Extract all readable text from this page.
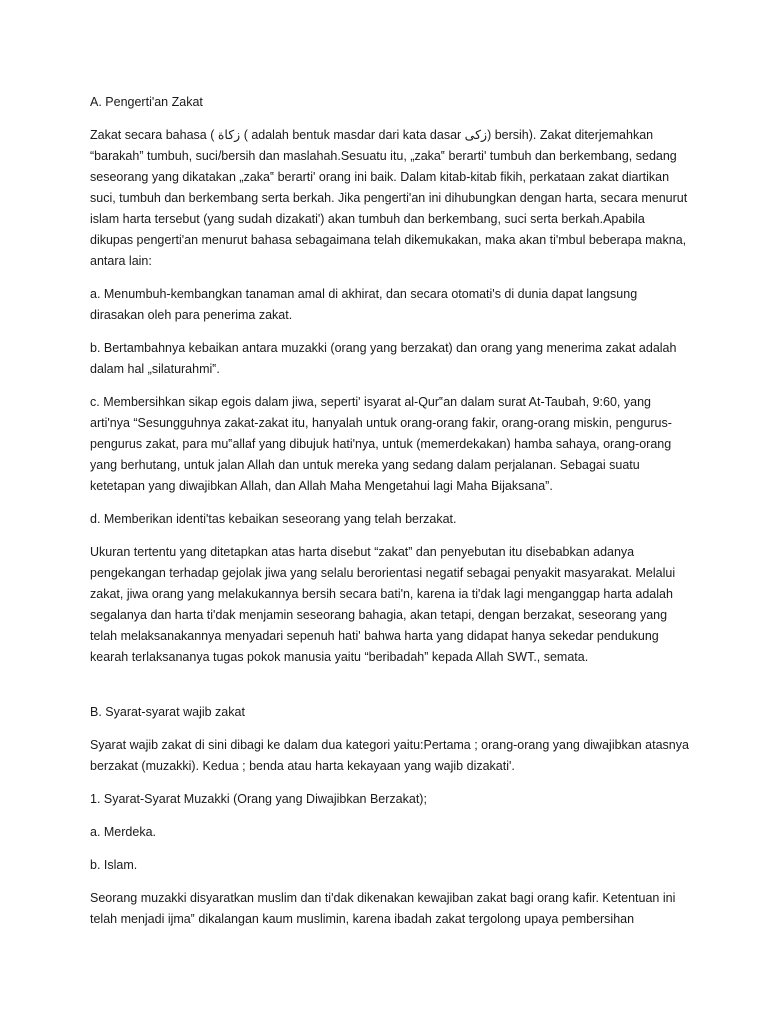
A. Pengerti'an Zakat

Zakat secara bahasa ( زكاة ( adalah bentuk masdar dari kata dasar زكى) bersih). Zakat diterjemahkan “barakah” tumbuh, suci/bersih dan maslahah.Sesuatu itu, „zaka‟ berarti' tumbuh dan berkembang, sedang seseorang yang dikatakan „zaka‟ berarti' orang ini baik. Dalam kitab-kitab fikih, perkataan zakat diartikan suci, tumbuh dan berkembang serta berkah. Jika pengerti'an ini dihubungkan dengan harta, secara menurut islam harta tersebut (yang sudah dizakati') akan tumbuh dan berkembang, suci serta berkah.Apabila dikupas pengerti'an menurut bahasa sebagaimana telah dikemukakan, maka akan ti'mbul beberapa makna, antara lain:

a. Menumbuh-kembangkan tanaman amal di akhirat, dan secara otomati's di dunia dapat langsung dirasakan oleh para penerima zakat.

b. Bertambahnya kebaikan antara muzakki (orang yang berzakat) dan orang yang menerima zakat adalah dalam hal „silaturahmi‟.

c. Membersihkan sikap egois dalam jiwa, seperti' isyarat al-Qur‟an dalam surat At-Taubah, 9:60, yang arti'nya “Sesungguhnya zakat-zakat itu, hanyalah untuk orang-orang fakir, orang-orang miskin, pengurus-pengurus zakat, para mu‟allaf yang dibujuk hati'nya, untuk (memerdekakan) hamba sahaya, orang-orang yang berhutang, untuk jalan Allah dan untuk mereka yang sedang dalam perjalanan. Sebagai suatu ketetapan yang diwajibkan Allah, dan Allah Maha Mengetahui lagi Maha Bijaksana”.

d. Memberikan identi'tas kebaikan seseorang yang telah berzakat.

Ukuran tertentu yang ditetapkan atas harta disebut “zakat” dan penyebutan itu disebabkan adanya pengekangan terhadap gejolak jiwa yang selalu berorientasi negatif sebagai penyakit masyarakat. Melalui zakat, jiwa orang yang melakukannya bersih secara bati'n, karena ia ti'dak lagi menganggap harta adalah segalanya dan harta ti'dak menjamin seseorang bahagia, akan tetapi, dengan berzakat, seseorang yang telah melaksanakannya menyadari sepenuh hati' bahwa harta yang didapat hanya sekedar pendukung kearah terlaksananya tugas pokok manusia yaitu “beribadah” kepada Allah SWT., semata.

B. Syarat-syarat wajib zakat

Syarat wajib zakat di sini dibagi ke dalam dua kategori yaitu:Pertama ; orang-orang yang diwajibkan atasnya berzakat (muzakki). Kedua ; benda atau harta kekayaan yang wajib dizakati'.

1. Syarat-Syarat Muzakki (Orang yang Diwajibkan Berzakat);

a. Merdeka.

b. Islam.

Seorang muzakki disyaratkan muslim dan ti'dak dikenakan kewajiban zakat bagi orang kafir. Ketentuan ini telah menjadi ijma‟ dikalangan kaum muslimin, karena ibadah zakat tergolong upaya pembersihan
